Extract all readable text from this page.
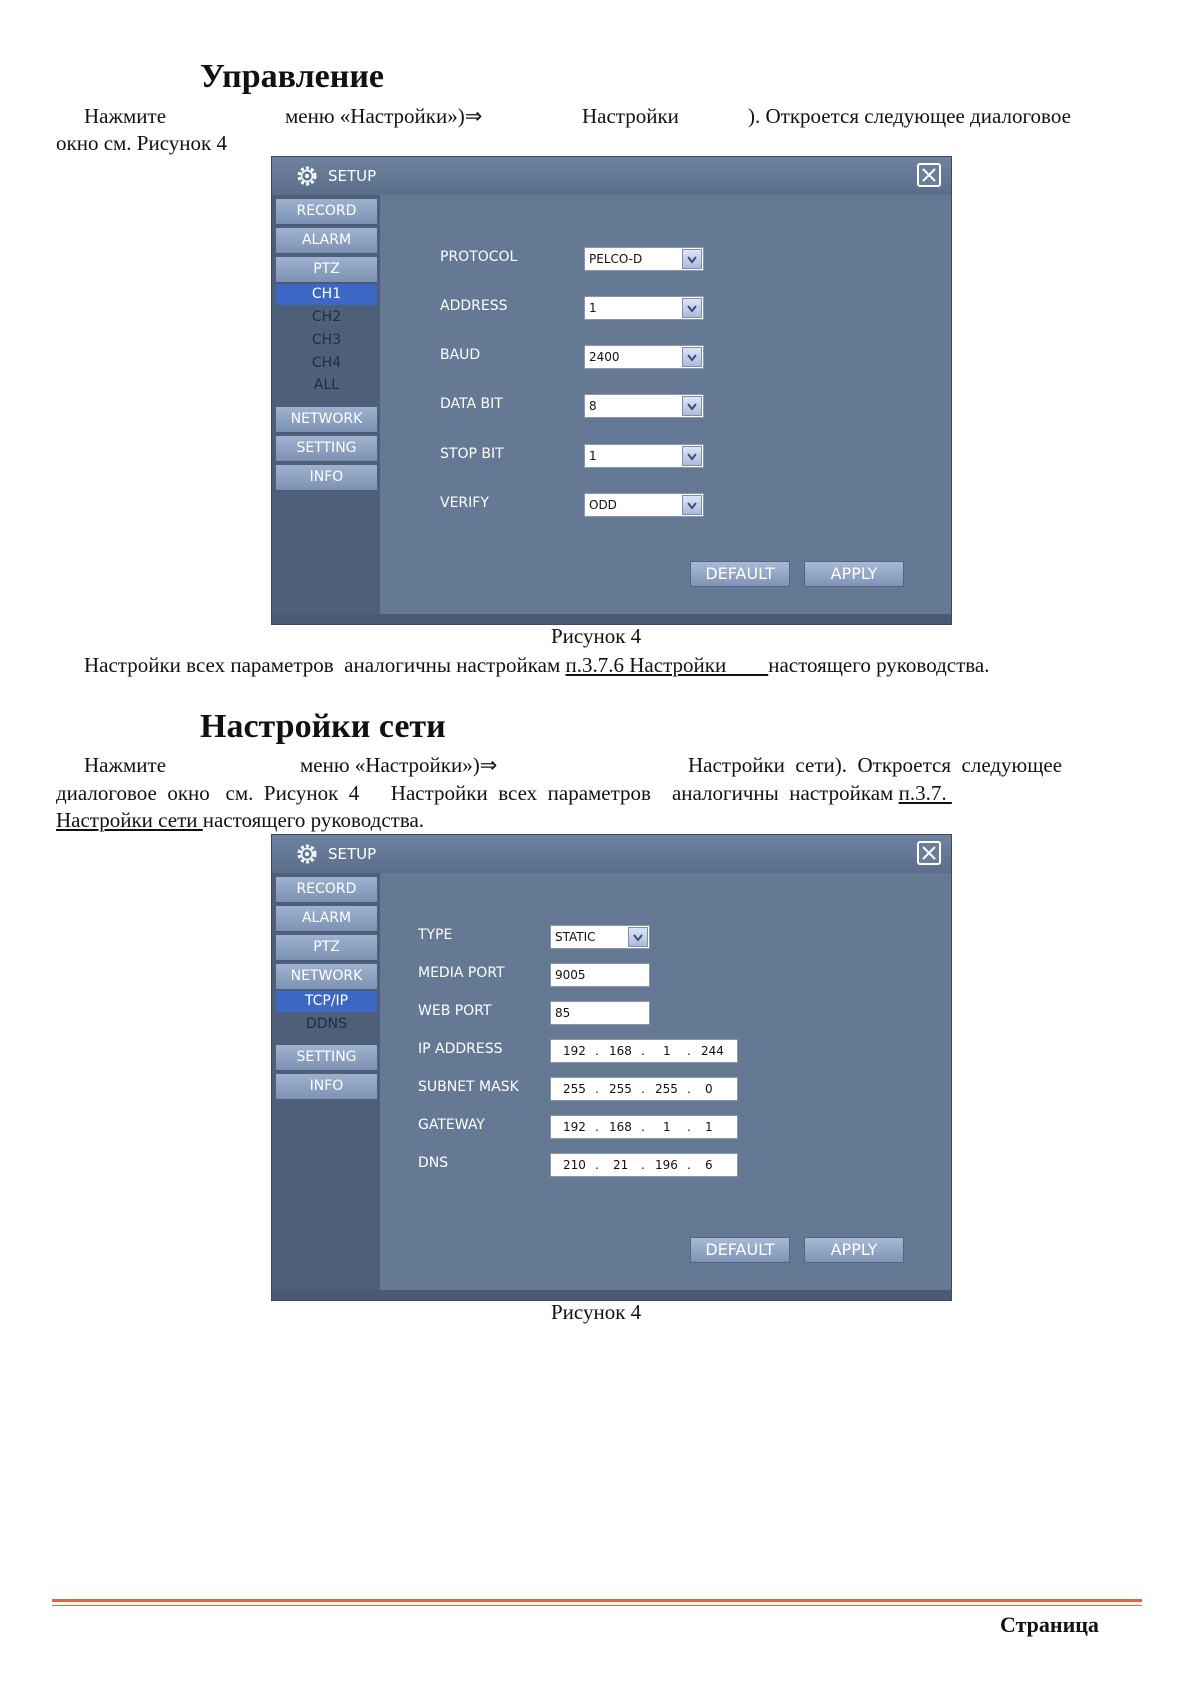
Управление
Нажмите	меню «Настройки»)⇒	Настройки	). Откроется следующее диалоговое
окно см. Рисунок 4
SETUP
RECORD
ALARM
PTZ
CH1
CH2
CH3
CH4
ALL
NETWORK
SETTING
INFO
PROTOCOL	PELCO-D
ADDRESS	1
BAUD	2400
DATA BIT	8
STOP BIT	1
VERIFY	ODD
DEFAULT	APPLY
Рисунок 4
Настройки всех параметров  аналогичны настройкам п.3.7.6 Настройки        настоящего руководства.
Настройки сети
Нажмите	меню «Настройки»)⇒	Настройки  сети).  Откроется  следующее
диалоговое  окно   см.  Рисунок  4      Настройки  всех  параметров    аналогичны  настройкам п.3.7.
Настройки сети настоящего руководства.
SETUP
RECORD
ALARM
PTZ
NETWORK
TCP/IP
DDNS
SETTING
INFO
TYPE	STATIC
MEDIA PORT	9005
WEB PORT	85
IP ADDRESS	192 . 168 . 1 . 244
SUBNET MASK	255 . 255 . 255 . 0
GATEWAY	192 . 168 . 1 . 1
DNS	210 . 21 . 196 . 6
DEFAULT	APPLY
Рисунок 4
Страница
